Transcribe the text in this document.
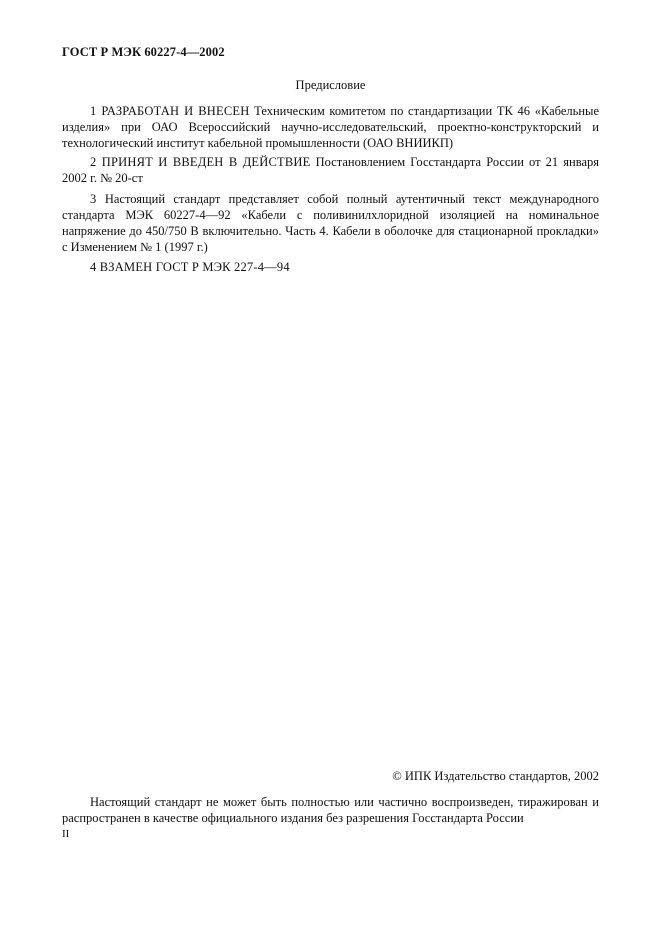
ГОСТ Р МЭК 60227-4—2002
Предисловие
1 РАЗРАБОТАН И ВНЕСЕН Техническим комитетом по стандартизации ТК 46 «Кабельные изделия» при ОАО Всероссийский научно-исследовательский, проектно-конструкторский и технологический институт кабельной промышленности (ОАО ВНИИКП)
2 ПРИНЯТ И ВВЕДЕН В ДЕЙСТВИЕ Постановлением Госстандарта России от 21 января 2002 г. № 20-ст
3 Настоящий стандарт представляет собой полный аутентичный текст международного стандарта МЭК 60227-4—92 «Кабели с поливинилхлоридной изоляцией на номинальное напряжение до 450/750 В включительно. Часть 4. Кабели в оболочке для стационарной прокладки» с Изменением № 1 (1997 г.)
4 ВЗАМЕН ГОСТ Р МЭК 227-4—94
© ИПК Издательство стандартов, 2002
Настоящий стандарт не может быть полностью или частично воспроизведен, тиражирован и распространен в качестве официального издания без разрешения Госстандарта России
II
